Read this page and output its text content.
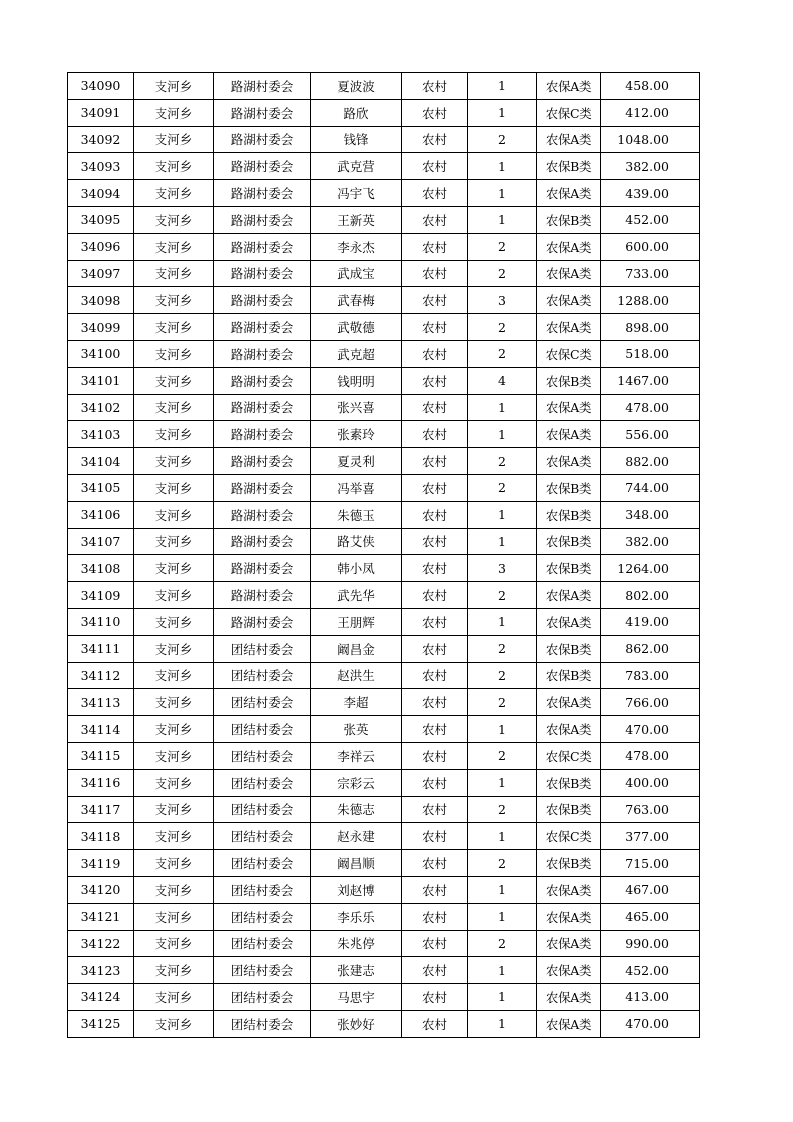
34090	支河乡	路湖村委会	夏波波	农村	1	农保A类	458.00
34091	支河乡	路湖村委会	路欣	农村	1	农保C类	412.00
34092	支河乡	路湖村委会	钱锋	农村	2	农保A类	1048.00
34093	支河乡	路湖村委会	武克营	农村	1	农保B类	382.00
34094	支河乡	路湖村委会	冯宇飞	农村	1	农保A类	439.00
34095	支河乡	路湖村委会	王新英	农村	1	农保B类	452.00
34096	支河乡	路湖村委会	李永杰	农村	2	农保A类	600.00
34097	支河乡	路湖村委会	武成宝	农村	2	农保A类	733.00
34098	支河乡	路湖村委会	武春梅	农村	3	农保A类	1288.00
34099	支河乡	路湖村委会	武敬德	农村	2	农保A类	898.00
34100	支河乡	路湖村委会	武克超	农村	2	农保C类	518.00
34101	支河乡	路湖村委会	钱明明	农村	4	农保B类	1467.00
34102	支河乡	路湖村委会	张兴喜	农村	1	农保A类	478.00
34103	支河乡	路湖村委会	张素玲	农村	1	农保A类	556.00
34104	支河乡	路湖村委会	夏灵利	农村	2	农保A类	882.00
34105	支河乡	路湖村委会	冯举喜	农村	2	农保B类	744.00
34106	支河乡	路湖村委会	朱德玉	农村	1	农保B类	348.00
34107	支河乡	路湖村委会	路艾侠	农村	1	农保B类	382.00
34108	支河乡	路湖村委会	韩小凤	农村	3	农保B类	1264.00
34109	支河乡	路湖村委会	武先华	农村	2	农保A类	802.00
34110	支河乡	路湖村委会	王朋辉	农村	1	农保A类	419.00
34111	支河乡	团结村委会	阚昌金	农村	2	农保B类	862.00
34112	支河乡	团结村委会	赵洪生	农村	2	农保B类	783.00
34113	支河乡	团结村委会	李超	农村	2	农保A类	766.00
34114	支河乡	团结村委会	张英	农村	1	农保A类	470.00
34115	支河乡	团结村委会	李祥云	农村	2	农保C类	478.00
34116	支河乡	团结村委会	宗彩云	农村	1	农保B类	400.00
34117	支河乡	团结村委会	朱德志	农村	2	农保B类	763.00
34118	支河乡	团结村委会	赵永建	农村	1	农保C类	377.00
34119	支河乡	团结村委会	阚昌顺	农村	2	农保B类	715.00
34120	支河乡	团结村委会	刘赵博	农村	1	农保A类	467.00
34121	支河乡	团结村委会	李乐乐	农村	1	农保A类	465.00
34122	支河乡	团结村委会	朱兆停	农村	2	农保A类	990.00
34123	支河乡	团结村委会	张建志	农村	1	农保A类	452.00
34124	支河乡	团结村委会	马思宇	农村	1	农保A类	413.00
34125	支河乡	团结村委会	张妙好	农村	1	农保A类	470.00
